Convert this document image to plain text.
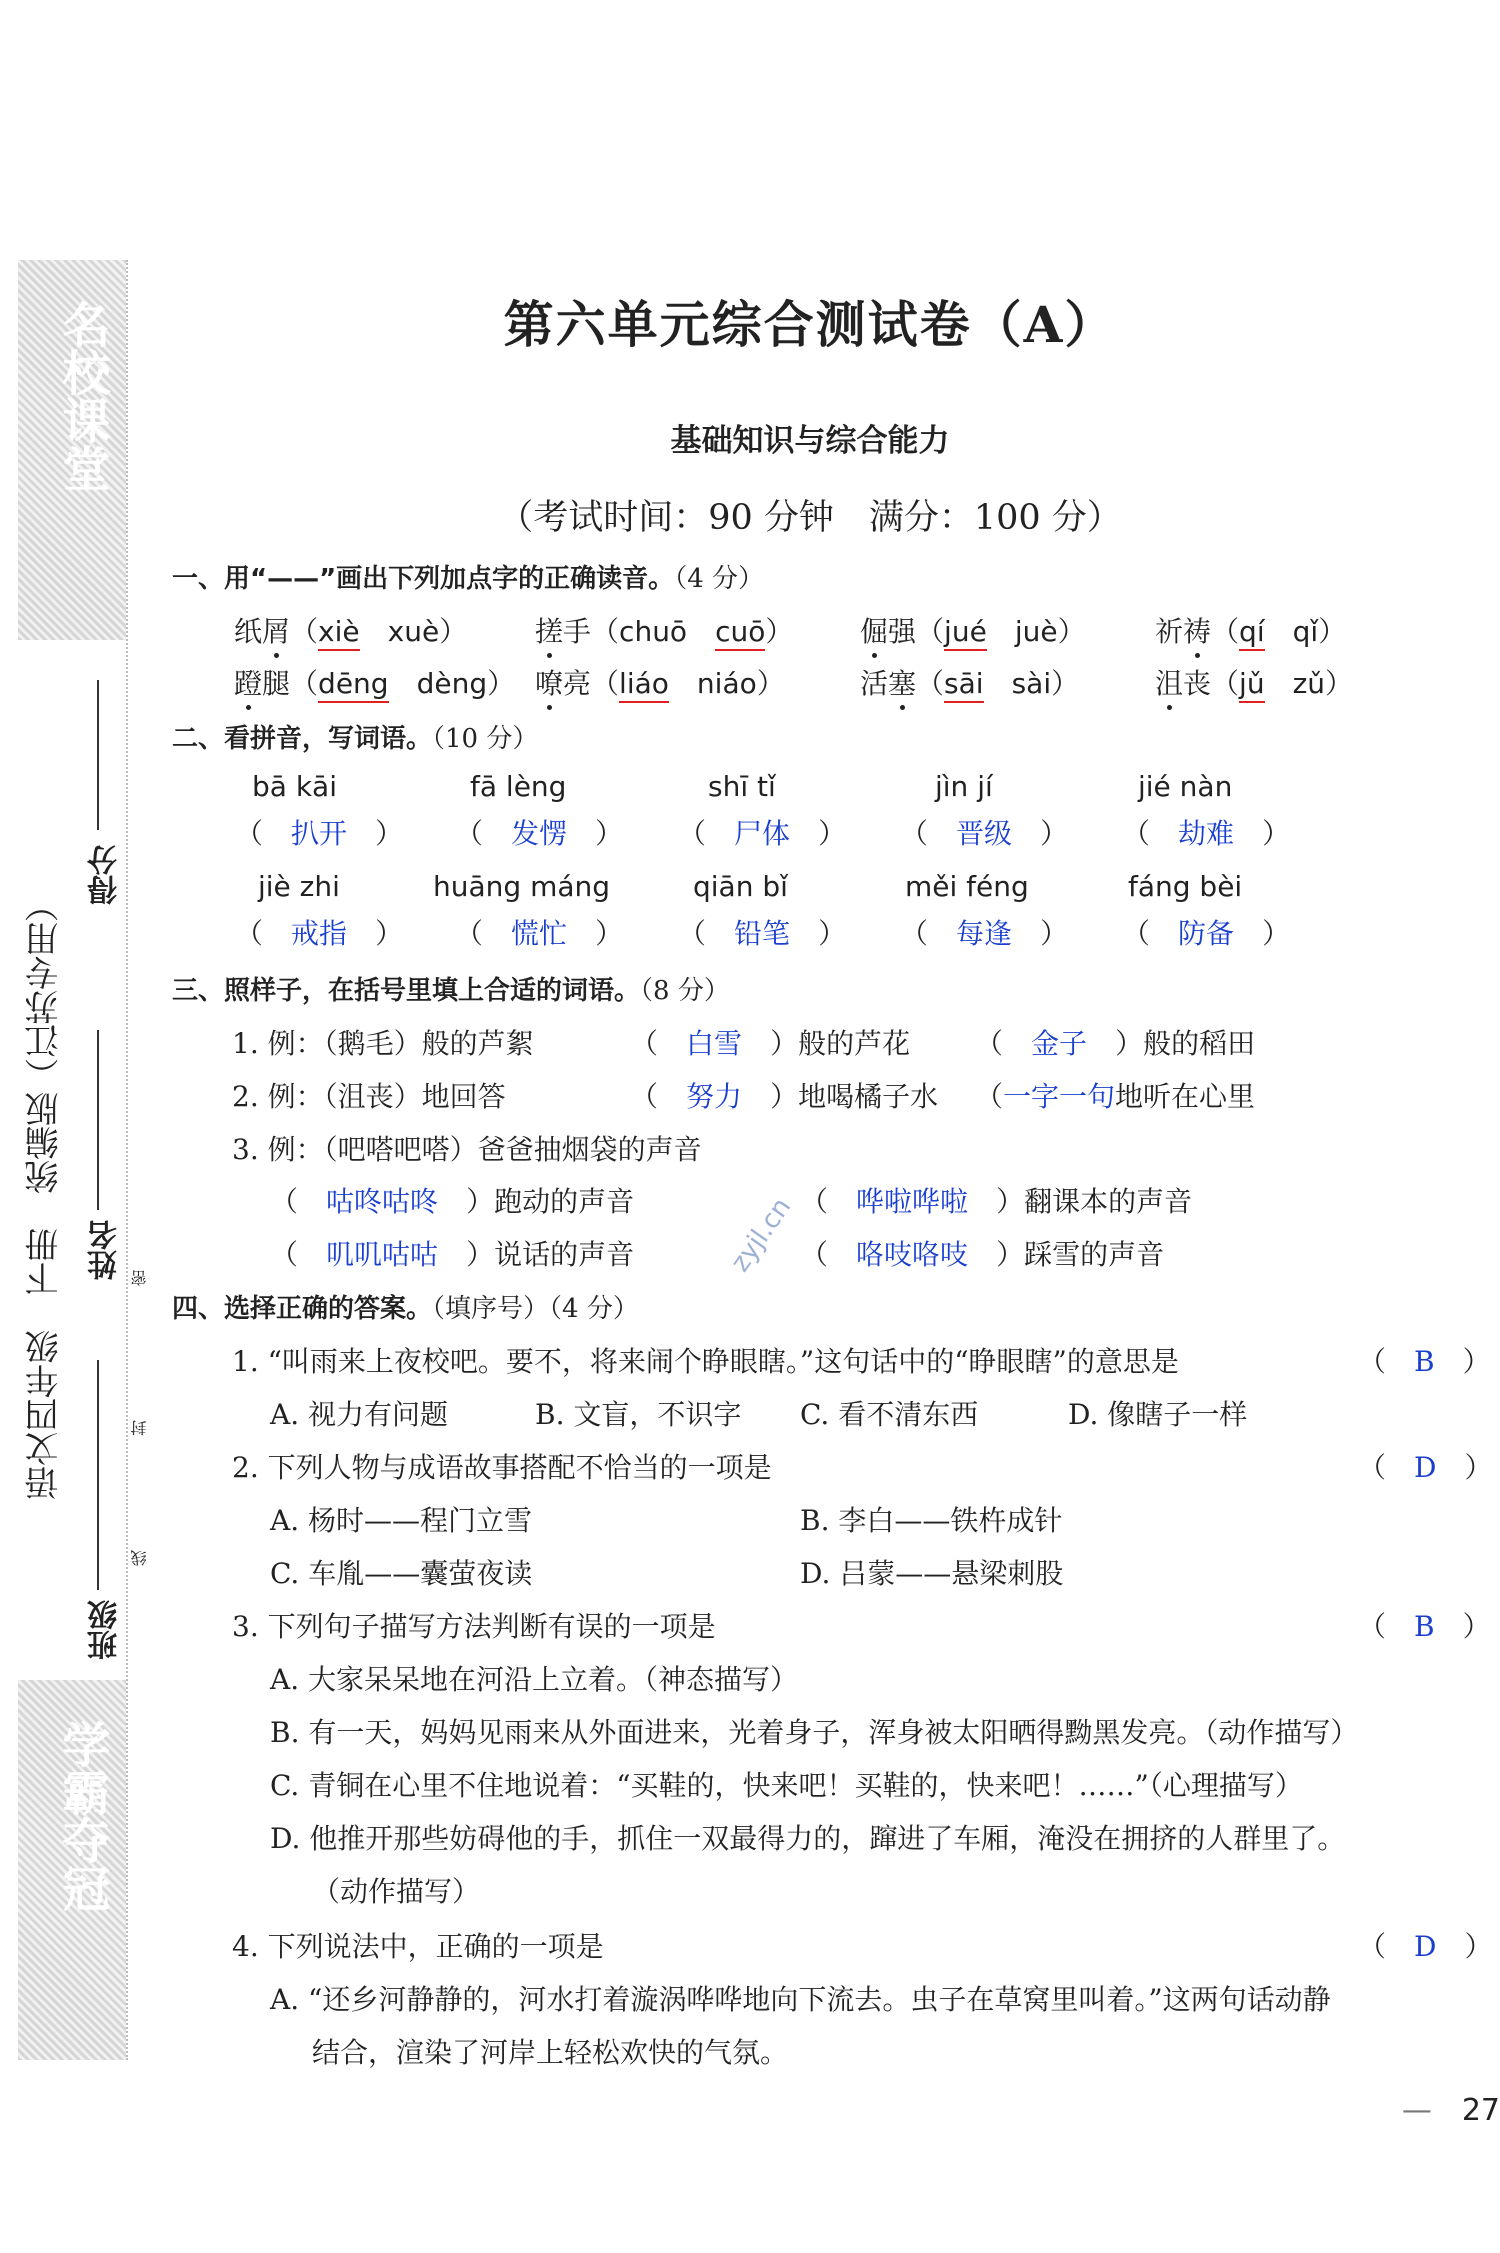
名校课堂
语文四年级　下册　统编版（江苏专用）
得分
姓名
班级
密
封
线
学霸夺冠
第六单元综合测试卷（A）
基础知识与综合能力
（考试时间：90 分钟　满分：100 分）
一、用“——”画出下列加点字的正确读音。（4 分）
纸屑（xiè　 xuè） 搓手（chuō　 cuō） 倔强（jué　 juè） 祈祷（qí　 qǐ）
蹬腿（dēng　 dèng） 嘹亮（liáo　 niáo）	活塞（sāi　 sài）	沮丧（jǔ　 zǔ）
二、看拼音，写词语。（10 分）
bā kāi	fā lèng	shī tǐ	jìn jí	jié nàn
（　 扒开　 ） （　 发愣　 ） （　 尸体　 ） （　 晋级　 ） （　 劫难　 ）
jiè zhi	huāng máng	qiān bǐ	měi féng	fáng bèi
（　 戒指　 ） （　 慌忙　 ） （　 铅笔　 ） （　 每逢　 ） （　 防备　 ）
三、照样子，在括号里填上合适的词语。（8 分）
1. 例：（鹅毛）般的芦絮	（　 白雪　 ）般的芦花 （　 金子　 ）般的稻田
2. 例：（沮丧）地回答	（　 努力　 ）地喝橘子水 （一字一句地听在心里
3. 例：（吧嗒吧嗒）爸爸抽烟袋的声音
（　 咕咚咕咚　 ）跑动的声音	（　 哗啦哗啦　 ）翻课本的声音
（　 叽叽咕咕　 ）说话的声音	（　 咯吱咯吱　 ）踩雪的声音
zyjl.cn
四、选择正确的答案。（填序号）（4 分）
1. “叫雨来上夜校吧。要不，将来闹个睁眼瞎。”这句话中的“睁眼瞎”的意思是	（　 B　 ）
A. 视力有问题	B. 文盲，不识字 C. 看不清东西	D. 像瞎子一样
2. 下列人物与成语故事搭配不恰当的一项是	（　 D　 ）
A. 杨时——程门立雪	B. 李白——铁杵成针
C. 车胤——囊萤夜读	D. 吕蒙——悬梁刺股
3. 下列句子描写方法判断有误的一项是	（　 B　 ）
A. 大家呆呆地在河沿上立着。（神态描写）
B. 有一天，妈妈见雨来从外面进来，光着身子，浑身被太阳晒得黝黑发亮。（动作描写）
C. 青铜在心里不住地说着：“买鞋的，快来吧！买鞋的，快来吧！……”（心理描写）
D. 他推开那些妨碍他的手，抓住一双最得力的，蹿进了车厢，淹没在拥挤的人群里了。
（动作描写）
4. 下列说法中，正确的一项是	（　 D　 ）
A. “还乡河静静的，河水打着漩涡哗哗地向下流去。虫子在草窝里叫着。”这两句话动静
结合，渲染了河岸上轻松欢快的气氛。
—　 27
